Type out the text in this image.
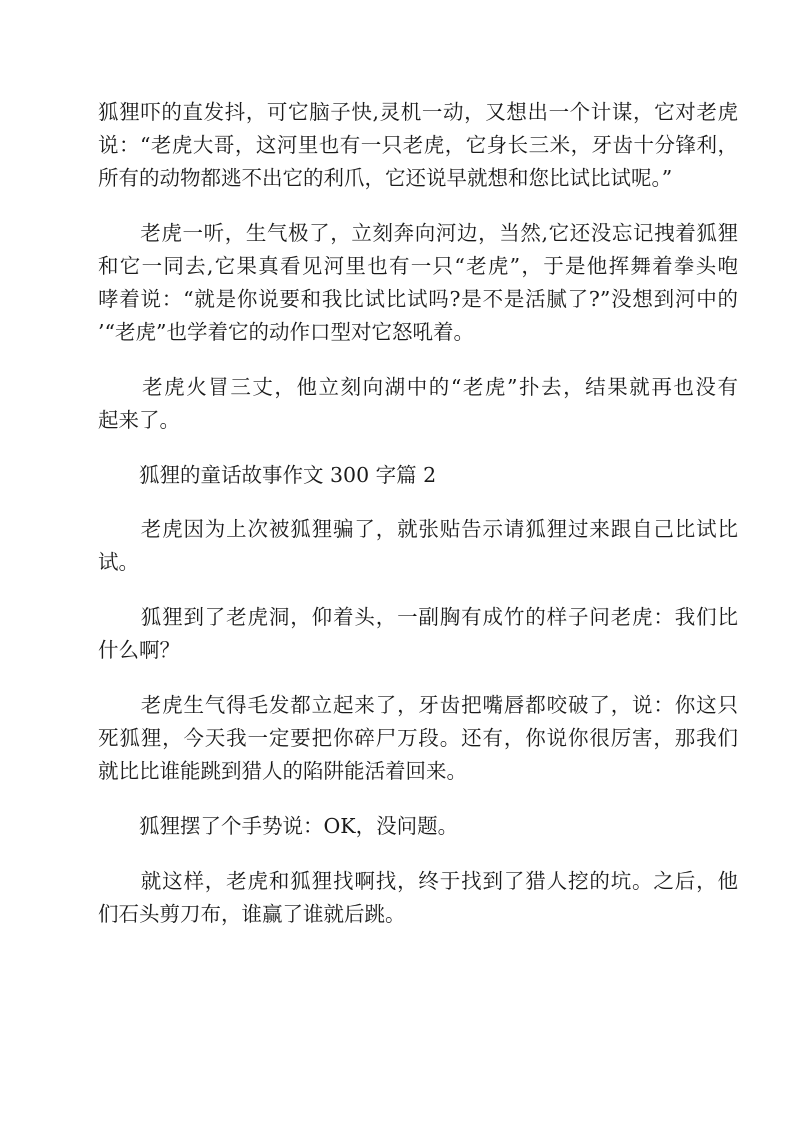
狐狸吓的直发抖，可它脑子快,灵机一动，又想出一个计谋，它对老虎
说：“老虎大哥，这河里也有一只老虎，它身长三米，牙齿十分锋利，
所有的动物都逃不出它的利爪，它还说早就想和您比试比试呢。”
　　老虎一听，生气极了，立刻奔向河边，当然,它还没忘记拽着狐狸
和它一同去,它果真看见河里也有一只“老虎”，于是他挥舞着拳头咆
哮着说：“就是你说要和我比试比试吗?是不是活腻了?”没想到河中的
’“老虎”也学着它的动作口型对它怒吼着。
　　老虎火冒三丈，他立刻向湖中的“老虎”扑去，结果就再也没有
起来了。
　　狐狸的童话故事作文 300 字篇 2
　　老虎因为上次被狐狸骗了，就张贴告示请狐狸过来跟自己比试比
试。
　　狐狸到了老虎洞，仰着头，一副胸有成竹的样子问老虎：我们比
什么啊？
　　老虎生气得毛发都立起来了，牙齿把嘴唇都咬破了，说：你这只
死狐狸，今天我一定要把你碎尸万段。还有，你说你很厉害，那我们
就比比谁能跳到猎人的陷阱能活着回来。
　　狐狸摆了个手势说：OK，没问题。
　　就这样，老虎和狐狸找啊找，终于找到了猎人挖的坑。之后，他
们石头剪刀布，谁赢了谁就后跳。
